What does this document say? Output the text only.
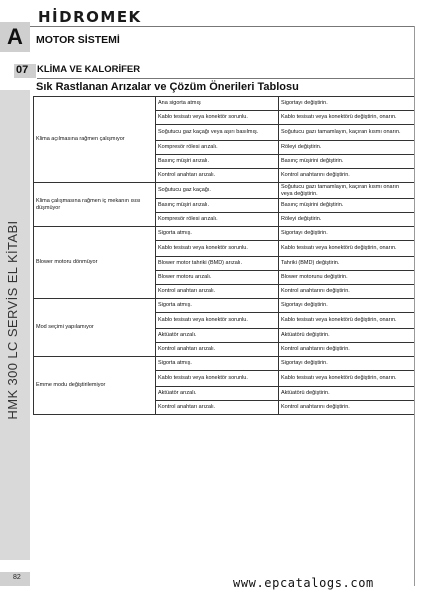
HİDROMEK
A MOTOR SİSTEMİ
HMK 300 LC SERVİS EL KİTABI
07 KLİMA VE KALORİFER
Sık Rastlanan Arızalar ve Çözüm Önerileri Tablosu
Klima açılmasına rağmen çalışmıyor	Ana sigorta atmış	Sigortayı değiştirin.
	Kablo tesisatı veya konektör sorunlu.	Kablo tesisatı veya konektörü değiştirin, onarın.
	Soğutucu gaz kaçağı veya aşırı basılmış.	Soğutucu gazı tamamlayın, kaçıran kısmı onarın.
	Kompresör rölesi arızalı.	Röleyi değiştirin.
	Basınç müşiri arızalı.	Basınç müşirini değiştirin.
	Kontrol anahtarı arızalı.	Kontrol anahtarını değiştirin.
Klima çalışmasına rağmen iç mekanın ısısı düşmüyor	Soğutucu gaz kaçağı.	Soğutucu gazı tamamlayın, kaçıran kısmı onarın veya değiştirin.
	Basınç müşiri arızalı.	Basınç müşirini değiştirin.
	Kompresör rölesi arızalı.	Röleyi değiştirin.
Blower motoru dönmüyor	Sigorta atmış.	Sigortayı değiştirin.
	Kablo tesisatı veya konektör sorunlu.	Kablo tesisatı veya konektörü değiştirin, onarın.
	Blower motor tahriki (BMD) arızalı.	Tahriki (BMD) değiştirin.
	Blower motoru arızalı.	Blower motorunu değiştirin.
	Kontrol anahtarı arızalı.	Kontrol anahtarını değiştirin.
Mod seçimi yapılamıyor	Sigorta atmış.	Sigortayı değiştirin.
	Kablo tesisatı veya konektör sorunlu.	Kablo tesisatı veya konektörü değiştirin, onarın.
	Aktüatör arızalı.	Aktüatörü değiştirin.
	Kontrol anahtarı arızalı.	Kontrol anahtarını değiştirin.
Emme modu değiştirilemiyor	Sigorta atmış.	Sigortayı değiştirin.
	Kablo tesisatı veya konektör sorunlu.	Kablo tesisatı veya konektörü değiştirin, onarın.
	Aktüatör arızalı.	Aktüatörü değiştirin.
	Kontrol anahtarı arızalı.	Kontrol anahtarını değiştirin.
82	www.epcatalogs.com
